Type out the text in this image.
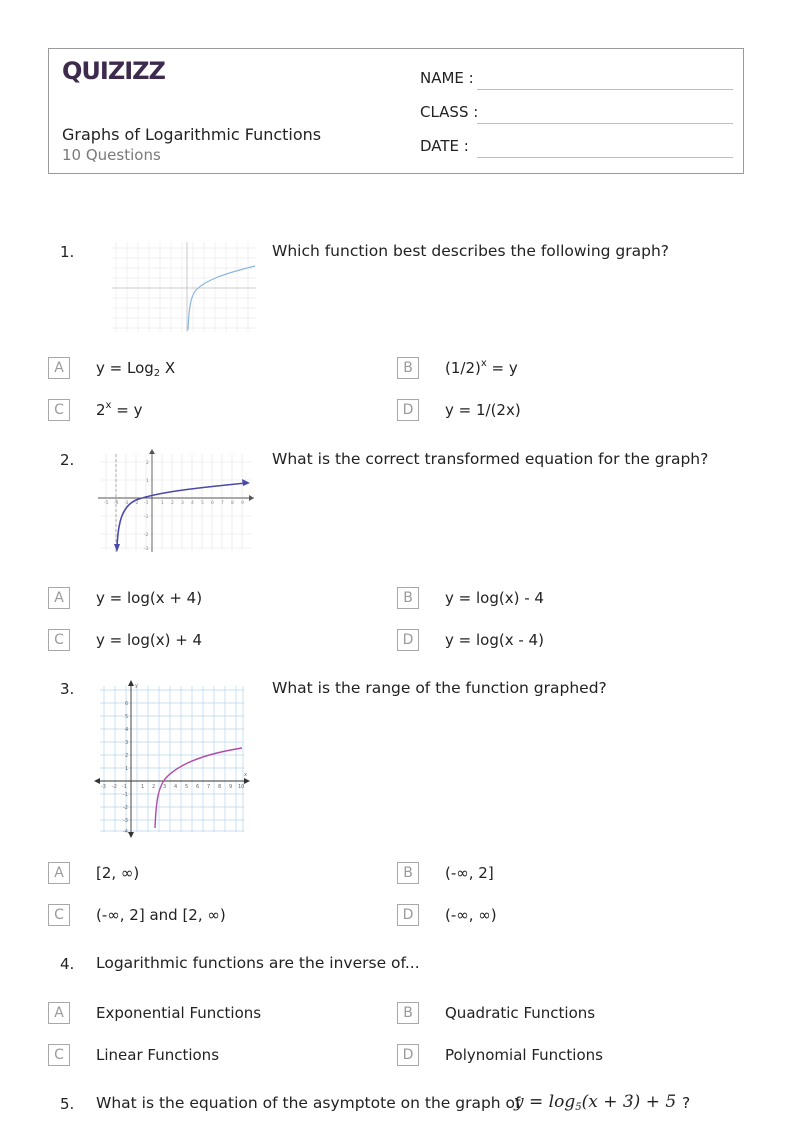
QUIZIZZ
Graphs of Logarithmic Functions
10 Questions
NAME :
CLASS :
DATE :
1.	Which function best describes the following graph?
A	y = Log$_2$ X	B	$(1/2)^x = y$
C	$2^x = y$	D	y = 1/(2x)
2.
-5 -4 -3 -2 -1	1 2 3 4 5 6 7 8 9
2
1
-1
-2
-3
What is the correct transformed equation for the graph?
A	y = log(x + 4)	B	y = log(x) - 4
C	y = log(x) + 4	D	y = log(x - 4)
3.	y
x
-3 -2 -1	1 2 3 4 5 6 7 8 9 10
6
5
4
3
2
1
-1
-2
-3
-4
What is the range of the function graphed?
A	[2, ∞)	B	(-∞, 2]
C	(-∞, 2] and [2, ∞)	D	(-∞, ∞)
4. Logarithmic functions are the inverse of...
A	Exponential Functions	B	Quadratic Functions
C	Linear Functions	D	Polynomial Functions
5. What is the equation of the asymptote on the graph of
$y = \log_5(x + 3) + 5$ ?
